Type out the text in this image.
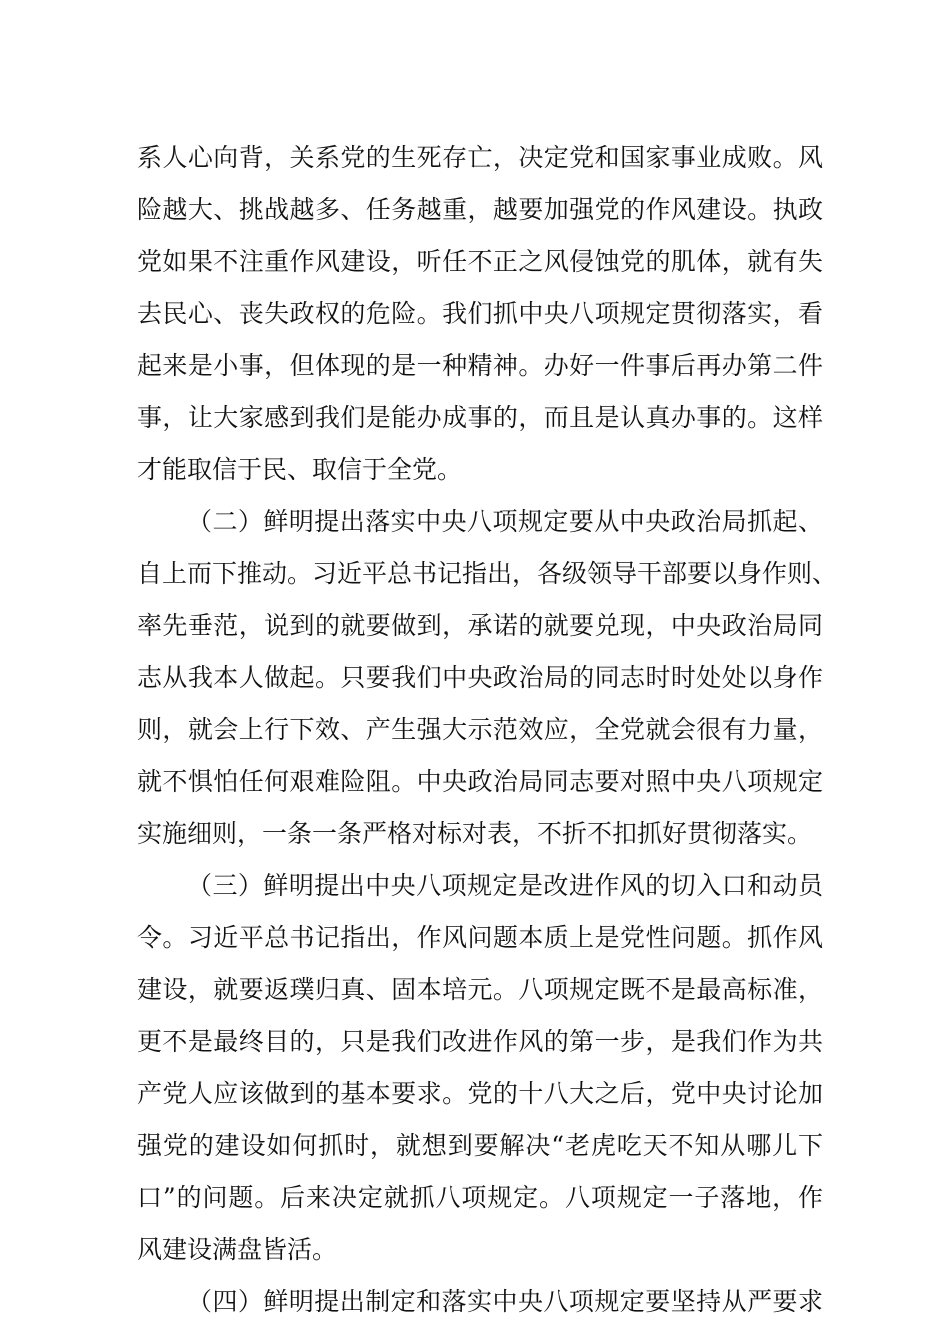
系人心向背，关系党的生死存亡，决定党和国家事业成败。风
险越大、挑战越多、任务越重，越要加强党的作风建设。执政
党如果不注重作风建设，听任不正之风侵蚀党的肌体，就有失
去民心、丧失政权的危险。我们抓中央八项规定贯彻落实，看
起来是小事，但体现的是一种精神。办好一件事后再办第二件
事，让大家感到我们是能办成事的，而且是认真办事的。这样
才能取信于民、取信于全党。
（二）鲜明提出落实中央八项规定要从中央政治局抓起、
自上而下推动。习近平总书记指出，各级领导干部要以身作则、
率先垂范，说到的就要做到，承诺的就要兑现，中央政治局同
志从我本人做起。只要我们中央政治局的同志时时处处以身作
则，就会上行下效、产生强大示范效应，全党就会很有力量，
就不惧怕任何艰难险阻。中央政治局同志要对照中央八项规定
实施细则，一条一条严格对标对表，不折不扣抓好贯彻落实。
（三）鲜明提出中央八项规定是改进作风的切入口和动员
令。习近平总书记指出，作风问题本质上是党性问题。抓作风
建设，就要返璞归真、固本培元。八项规定既不是最高标准，
更不是最终目的，只是我们改进作风的第一步，是我们作为共
产党人应该做到的基本要求。党的十八大之后，党中央讨论加
强党的建设如何抓时，就想到要解决“老虎吃天不知从哪儿下
口”的问题。后来决定就抓八项规定。八项规定一子落地，作
风建设满盘皆活。
（四）鲜明提出制定和落实中央八项规定要坚持从严要求
